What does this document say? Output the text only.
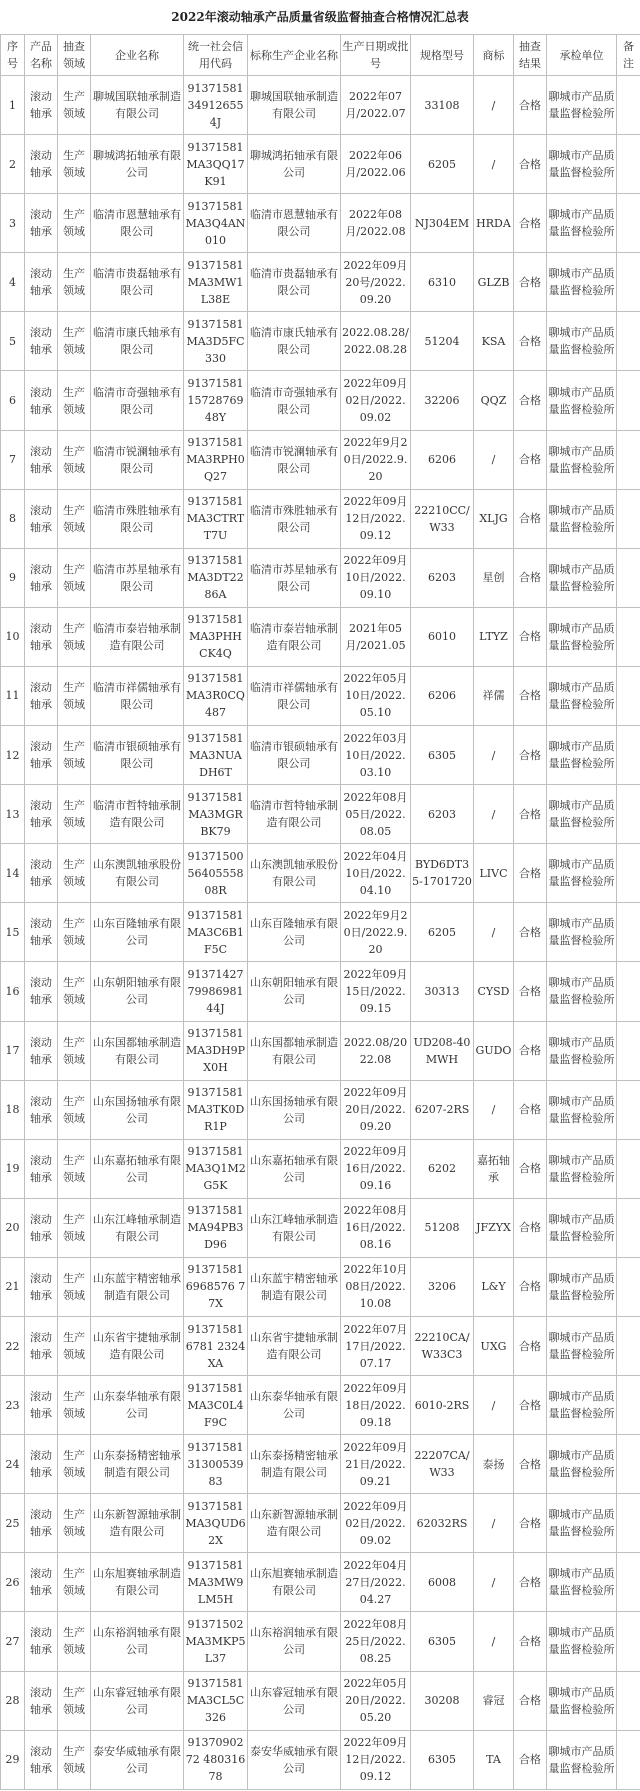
2022年滚动轴承产品质量省级监督抽查合格情况汇总表
序号	产品名称	抽查领域	企业名称	统一社会信用代码	标称生产企业名称	生产日期或批号	规格型号	商标	抽查结果	承检单位	备注
1	滚动轴承	生产领域	聊城国联轴承制造有限公司	91371581349126554J	聊城国联轴承制造有限公司	2022年07月/2022.07	33108	/	合格	聊城市产品质量监督检验所	
2	滚动轴承	生产领域	聊城鸿拓轴承有限公司	91371581MA3QQ17K91	聊城鸿拓轴承有限公司	2022年06月/2022.06	6205	/	合格	聊城市产品质量监督检验所	
3	滚动轴承	生产领域	临清市恩慧轴承有限公司	91371581MA3Q4AN010	临清市恩慧轴承有限公司	2022年08月/2022.08	NJ304EM	HRDA	合格	聊城市产品质量监督检验所	
4	滚动轴承	生产领域	临清市贵磊轴承有限公司	91371581MA3MW1L38E	临清市贵磊轴承有限公司	2022年09月20号/2022.09.20	6310	GLZB	合格	聊城市产品质量监督检验所	
5	滚动轴承	生产领域	临清市康氏轴承有限公司	91371581MA3D5FC330	临清市康氏轴承有限公司	2022.08.28/2022.08.28	51204	KSA	合格	聊城市产品质量监督检验所	
6	滚动轴承	生产领域	临清市奇强轴承有限公司	913715811572876948Y	临清市奇强轴承有限公司	2022年09月02日/2022.09.02	32206	QQZ	合格	聊城市产品质量监督检验所	
7	滚动轴承	生产领域	临清市锐澜轴承有限公司	91371581MA3RPH0Q27	临清市锐澜轴承有限公司	2022年9月20日/2022.9.20	6206	/	合格	聊城市产品质量监督检验所	
8	滚动轴承	生产领域	临清市殊胜轴承有限公司	91371581MA3CTRTT7U	临清市殊胜轴承有限公司	2022年09月12日/2022.09.12	22210CC/W33	XLJG	合格	聊城市产品质量监督检验所	
9	滚动轴承	生产领域	临清市苏星轴承有限公司	91371581MA3DT2286A	临清市苏星轴承有限公司	2022年09月10日/2022.09.10	6203	星创	合格	聊城市产品质量监督检验所	
10	滚动轴承	生产领域	临清市泰岩轴承制造有限公司	91371581MA3PHHCK4Q	临清市泰岩轴承制造有限公司	2021年05月/2021.05	6010	LTYZ	合格	聊城市产品质量监督检验所	
11	滚动轴承	生产领域	临清市祥儒轴承有限公司	91371581MA3R0CQ487	临清市祥儒轴承有限公司	2022年05月10日/2022.05.10	6206	祥儒	合格	聊城市产品质量监督检验所	
12	滚动轴承	生产领域	临清市银硕轴承有限公司	91371581MA3NUADH6T	临清市银硕轴承有限公司	2022年03月10日/2022.03.10	6305	/	合格	聊城市产品质量监督检验所	
13	滚动轴承	生产领域	临清市哲特轴承制造有限公司	91371581MA3MGRBK79	临清市哲特轴承制造有限公司	2022年08月05日/2022.08.05	6203	/	合格	聊城市产品质量监督检验所	
14	滚动轴承	生产领域	山东澳凯轴承股份有限公司	913715005640555808R	山东澳凯轴承股份有限公司	2022年04月10日/2022.04.10	BYD6DT35-1701720	LIVC	合格	聊城市产品质量监督检验所	
15	滚动轴承	生产领域	山东百隆轴承有限公司	91371581MA3C6B1F5C	山东百隆轴承有限公司	2022年9月20日/2022.9.20	6205	/	合格	聊城市产品质量监督检验所	
16	滚动轴承	生产领域	山东朝阳轴承有限公司	913714277998698144J	山东朝阳轴承有限公司	2022年09月15日/2022.09.15	30313	CYSD	合格	聊城市产品质量监督检验所	
17	滚动轴承	生产领域	山东国都轴承制造有限公司	91371581MA3DH9PX0H	山东国都轴承制造有限公司	2022.08/2022.08	UD208-40MWH	GUDO	合格	聊城市产品质量监督检验所	
18	滚动轴承	生产领域	山东国扬轴承有限公司	91371581MA3TK0DR1P	山东国扬轴承有限公司	2022年09月20日/2022.09.20	6207-2RS	/	合格	聊城市产品质量监督检验所	
19	滚动轴承	生产领域	山东嘉拓轴承有限公司	91371581MA3Q1M2G5K	山东嘉拓轴承有限公司	2022年09月16日/2022.09.16	6202	嘉拓轴承	合格	聊城市产品质量监督检验所	
20	滚动轴承	生产领域	山东江峰轴承制造有限公司	91371581MA94PB3D96	山东江峰轴承制造有限公司	2022年08月16日/2022.08.16	51208	JFZYX	合格	聊城市产品质量监督检验所	
21	滚动轴承	生产领域	山东蓝宇精密轴承制造有限公司	913715816968576 77X	山东蓝宇精密轴承制造有限公司	2022年10月08日/2022.10.08	3206	L&Y	合格	聊城市产品质量监督检验所	
22	滚动轴承	生产领域	山东省宇捷轴承制造有限公司	913715816781 2324XA	山东省宇捷轴承制造有限公司	2022年07月17日/2022.07.17	22210CA/W33C3	UXG	合格	聊城市产品质量监督检验所	
23	滚动轴承	生产领域	山东泰华轴承有限公司	91371581MA3C0L4F9C	山东泰华轴承有限公司	2022年09月18日/2022.09.18	6010-2RS	/	合格	聊城市产品质量监督检验所	
24	滚动轴承	生产领域	山东泰扬精密轴承制造有限公司	913715813130053983	山东泰扬精密轴承制造有限公司	2022年09月21日/2022.09.21	22207CA/W33	泰扬	合格	聊城市产品质量监督检验所	
25	滚动轴承	生产领域	山东新智源轴承制造有限公司	91371581MA3QUD62X	山东新智源轴承制造有限公司	2022年09月02日/2022.09.02	62032RS	/	合格	聊城市产品质量监督检验所	
26	滚动轴承	生产领域	山东旭赛轴承制造有限公司	91371581MA3MW9LM5H	山东旭赛轴承制造有限公司	2022年04月27日/2022.04.27	6008	/	合格	聊城市产品质量监督检验所	
27	滚动轴承	生产领域	山东裕润轴承有限公司	91371502MA3MKP5L37	山东裕润轴承有限公司	2022年08月25日/2022.08.25	6305	/	合格	聊城市产品质量监督检验所	
28	滚动轴承	生产领域	山东睿冠轴承有限公司	91371581MA3CL5C326	山东睿冠轴承有限公司	2022年05月20日/2022.05.20	30208	睿冠	合格	聊城市产品质量监督检验所	
29	滚动轴承	生产领域	泰安华威轴承有限公司	9137090272 48031678	泰安华威轴承有限公司	2022年09月12日/2022.09.12	6305	TA	合格	聊城市产品质量监督检验所	
